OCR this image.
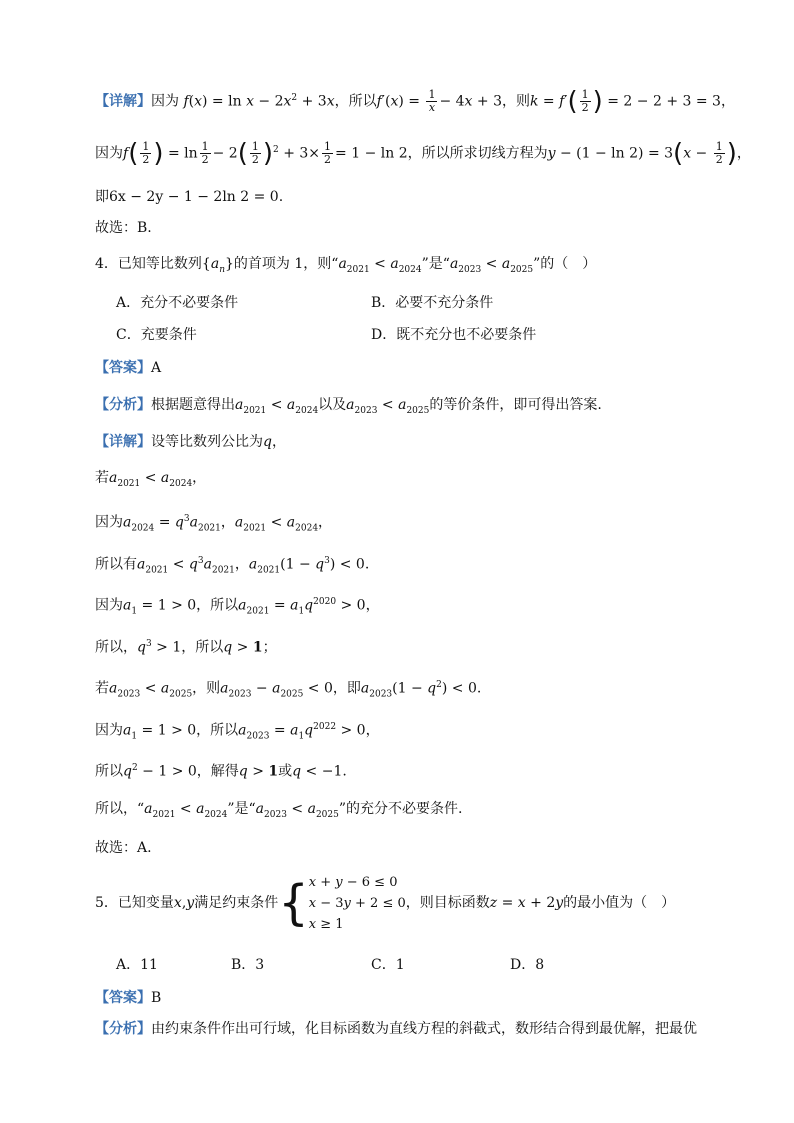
【详解】因为 $f(x) = \ln x - 2x^2 + 3x$，所以$f'(x) = \frac{1}{x} - 4x + 3$，则$k = f'( \frac{1}{2}$ ) = 2 − 2 + 3 = 3，
因为$f( \frac{1}{2}$ ) = $\ln \frac{1}{2} - 2( \frac{1}{2} )^2 + 3\times \frac{1}{2} = 1 - \ln 2$，所以所求切线方程为$y - (1 - \ln 2) = 3(x - \frac{1}{2}$ )，
即6x − 2y − 1 − 2ln 2 = 0.
故选：B.
4．已知等比数列$\{a_n\}$的首项为 1，则“$a_{2021} < a_{2024}$”是“$a_{2023} < a_{2025}$”的（　）
A．充分不必要条件	B．必要不充分条件
C．充要条件	D．既不充分也不必要条件
【答案】A
【分析】根据题意得出$a_{2021} < a_{2024}$以及$a_{2023} < a_{2025}$的等价条件，即可得出答案.
【详解】设等比数列公比为q，
若$a_{2021} < a_{2024}$，
因为$a_{2024} = q^3a_{2021}$，$a_{2021} < a_{2024}$，
所以有$a_{2021} < q^3a_{2021}$，$a_{2021}(1 - q^3) < 0$.
因为$a_1 = 1 > 0$，所以$a_{2021} = a_1q^{2020} > 0$，
所以，$q^3 > 1$，所以q > 1；
若$a_{2023} < a_{2025}$，则$a_{2023} - a_{2025} < 0$，即$a_{2023}(1 - q^2) < 0$.
因为$a_1 = 1 > 0$，所以$a_{2023} = a_1q^{2022} > 0$，
所以$q^2 - 1 > 0$，解得q > 1或q < −1.
所以，“$a_{2021} < a_{2024}$”是“$a_{2023} < a_{2025}$”的充分不必要条件.
故选：A.
5．已知变量x,y满足约束条件{x + y − 6 ≤ 0
x − 3y + 2 ≤ 0
x ≥ 1，则目标函数z = x + 2y的最小值为（　）
A．11	B．3	C．1	D．8
【答案】B
【分析】由约束条件作出可行域，化目标函数为直线方程的斜截式，数形结合得到最优解，把最优
